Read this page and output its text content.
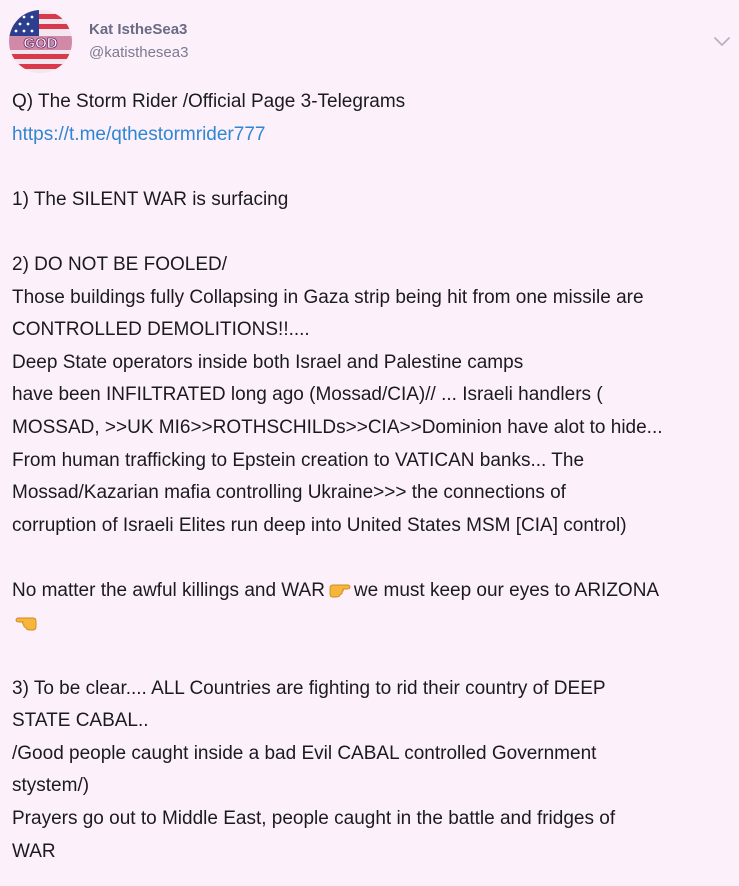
GOD
Kat IstheSea3
@katisthesea3
Q) The Storm Rider /Official Page 3-Telegrams
https://t.me/qthestormrider777
1) The SILENT WAR is surfacing
2) DO NOT BE FOOLED/
Those buildings fully Collapsing in Gaza strip being hit from one missile are
CONTROLLED DEMOLITIONS!!....
Deep State operators inside both Israel and Palestine camps
have been INFILTRATED long ago (Mossad/CIA)// ... Israeli handlers (
MOSSAD, >>UK MI6>>ROTHSCHILDs>>CIA>>Dominion have alot to hide...
From human trafficking to Epstein creation to VATICAN banks... The
Mossad/Kazarian mafia controlling Ukraine>>> the connections of
corruption of Israeli Elites run deep into United States MSM [CIA] control)
No matter the awful killings and WAR we must keep our eyes to ARIZONA
3) To be clear.... ALL Countries are fighting to rid their country of DEEP
STATE CABAL..
/Good people caught inside a bad Evil CABAL controlled Government
stystem/)
Prayers go out to Middle East, people caught in the battle and fridges of
WAR
